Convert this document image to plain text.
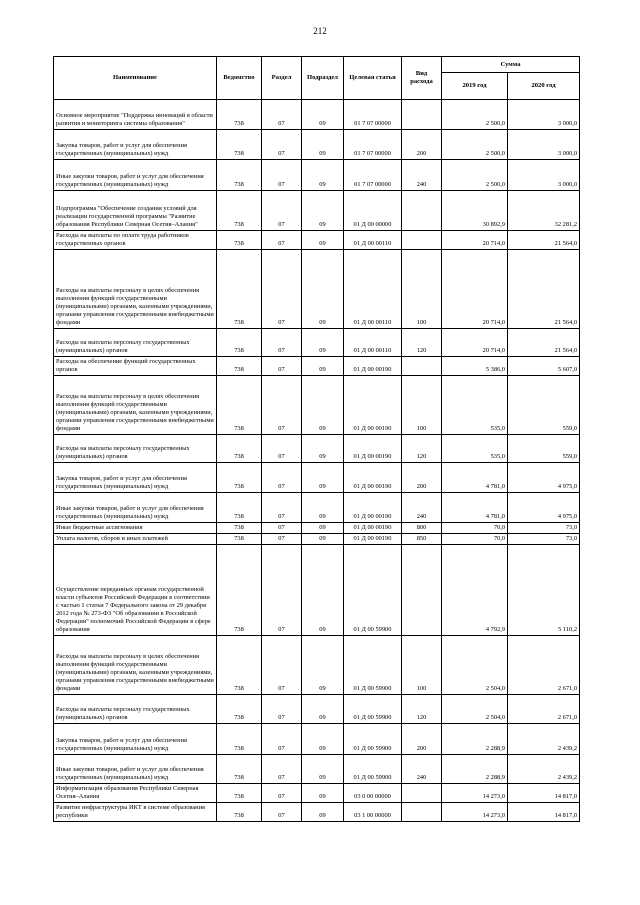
212
Наименование	Ведомство	Раздел	Подраздел	Целевая статья	Вид расхода	Сумма	
						2019 год	2020 год
Основное мероприятие "Поддержка инноваций в области развития и мониторинга системы образования"	738	07	09	01 7 07 00000		2 500,0	3 000,0
Закупка товаров, работ и услуг для обеспечения государственных (муниципальных) нужд	738	07	09	01 7 07 00000	200	2 500,0	3 000,0
Иные закупки товаров, работ и услуг для обеспечения государственных (муниципальных) нужд	738	07	09	01 7 07 00000	240	2 500,0	3 000,0
Подпрограмма "Обеспечение создания условий для реализации государственной программы "Развитие образования Республики Северная Осетия–Алания"	738	07	09	01 Д 00 00000		30 892,9	32 281,2
Расходы на выплаты по оплате труда работников государственных органов	738	07	09	01 Д 00 00110		20 714,0	21 564,0
Расходы на выплаты персоналу в целях обеспечения выполнения функций государственными (муниципальными) органами, казенными учреждениями, органами управления государственными внебюджетными фондами	738	07	09	01 Д 00 00110	100	20 714,0	21 564,0
Расходы на выплаты персоналу государственных (муниципальных) органов	738	07	09	01 Д 00 00110	120	20 714,0	21 564,0
Расходы на обеспечение функций государственных органов	738	07	09	01 Д 00 00190		5 386,0	5 607,0
Расходы на выплаты персоналу в целях обеспечения выполнения функций государственными (муниципальными) органами, казенными учреждениями, органами управления государственными внебюджетными фондами	738	07	09	01 Д 00 00190	100	535,0	559,0
Расходы на выплаты персоналу государственных (муниципальных) органов	738	07	09	01 Д 00 00190	120	535,0	559,0
Закупка товаров, работ и услуг для обеспечения государственных (муниципальных) нужд	738	07	09	01 Д 00 00190	200	4 781,0	4 975,0
Иные закупки товаров, работ и услуг для обеспечения государственных (муниципальных) нужд	738	07	09	01 Д 00 00190	240	4 781,0	4 975,0
Иные бюджетные ассигнования	738	07	09	01 Д 00 00190	800	70,0	73,0
Уплата налогов, сборов и иных платежей	738	07	09	01 Д 00 00190	850	70,0	73,0
Осуществление переданных органам государственной власти субъектов Российской Федерации в соответствии с частью 1 статьи 7 Федерального закона от 29 декабря 2012 года № 273-ФЗ "Об образовании в Российской Федерации" полномочий Российской Федерации в сфере образования	738	07	09	01 Д 00 59900		4 792,9	5 110,2
Расходы на выплаты персоналу в целях обеспечения выполнения функций государственными (муниципальными) органами, казенными учреждениями, органами управления государственными внебюджетными фондами	738	07	09	01 Д 00 59900	100	2 504,0	2 671,0
Расходы на выплаты персоналу государственных (муниципальных) органов	738	07	09	01 Д 00 59900	120	2 504,0	2 671,0
Закупка товаров, работ и услуг для обеспечения государственных (муниципальных) нужд	738	07	09	01 Д 00 59900	200	2 288,9	2 439,2
Иные закупки товаров, работ и услуг для обеспечения государственных (муниципальных) нужд	738	07	09	01 Д 00 59900	240	2 288,9	2 439,2
Информатизация образования Республики Северная Осетия–Алания	738	07	09	03 0 00 00000		14 273,0	14 817,0
Развитие инфраструктуры ИКТ в системе образования республики	738	07	09	03 1 00 00000		14 273,0	14 817,0
